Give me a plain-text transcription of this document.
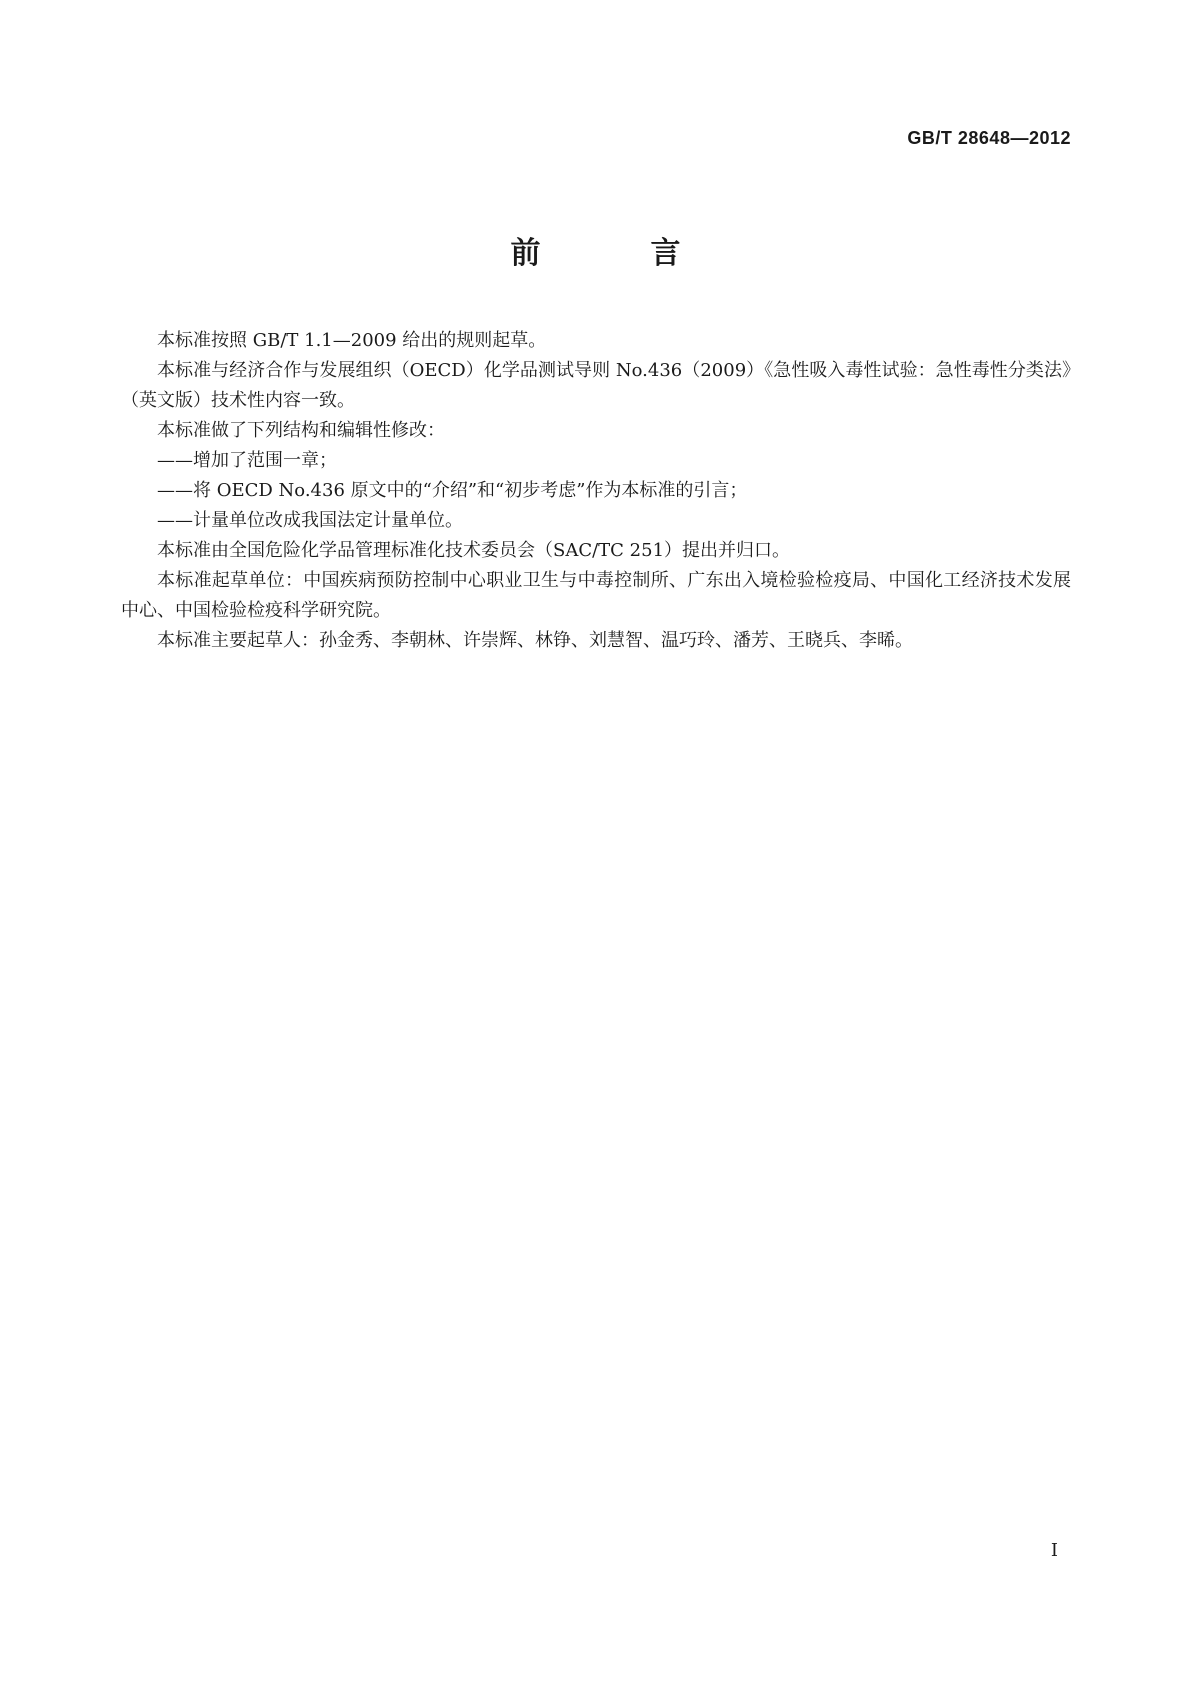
GB/T 28648—2012
前　言

本标准按照 GB/T 1.1—2009 给出的规则起草。

本标准与经济合作与发展组织（OECD）化学品测试导则 No.436（2009）《急性吸入毒性试验：急性毒性分类法》（英文版）技术性内容一致。

本标准做了下列结构和编辑性修改：

——增加了范围一章；

——将 OECD No.436 原文中的“介绍”和“初步考虑”作为本标准的引言；

——计量单位改成我国法定计量单位。

本标准由全国危险化学品管理标准化技术委员会（SAC/TC 251）提出并归口。

本标准起草单位：中国疾病预防控制中心职业卫生与中毒控制所、广东出入境检验检疫局、中国化工经济技术发展中心、中国检验检疫科学研究院。

本标准主要起草人：孙金秀、李朝林、许崇辉、林铮、刘慧智、温巧玲、潘芳、王晓兵、李晞。

I
